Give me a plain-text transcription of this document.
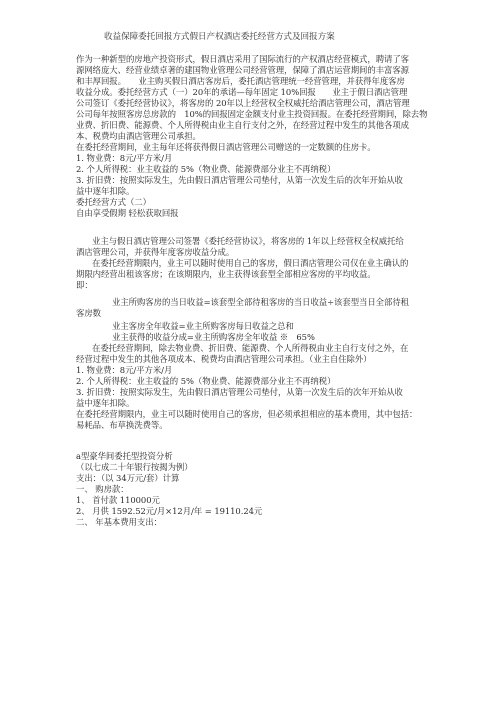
收益保障委托回报方式假日产权酒店委托经营方式及回报方案
作为一种新型的房地产投资形式，假日酒店采用了国际流行的产权酒店经营模式，聘请了客
源网络庞大、经营业绩卓著的建国物业管理公司经营管理，保障了酒店运营期间的丰富客源
和丰厚回报。　　业主购买假日酒店客房后，委托酒店管理统一经营管理，并获得年度客房
收益分成。委托经营方式（一）20年的承诺—每年固定 10%回报　　业主于假日酒店管理
公司签订《委托经营协议》，将客房的 20年以上经营权全权威托给酒店管理公司，酒店管理
公司每年按照客房总房款的　10%的回报固定金额支付业主投资回报。在委托经营期间，除去物
业费、折旧费、能源费、个人所得税由业主自行支付之外，在经营过程中发生的其他各项成
本、税费均由酒店管理公司承担。
在委托经营期间，业主每年还将获得假日酒店管理公司赠送的一定数额的住房卡。
1. 物业费：8元/平方米/月
2. 个人所得税：业主收益的 5%（物业费、能源费部分业主不再纳税）
3. 折旧费：按照实际发生，先由假日酒店管理公司垫付，从第一次发生后的次年开始从收
益中逐年扣除。
委托经营方式（二）
自由享受假期 轻松获取回报
业主与假日酒店管理公司签署《委托经营协议》，将客房的 1年以上经营权全权威托给
酒店管理公司，并获得年度客房收益分成。
在委托经营期限内，业主可以随时使用自己的客房，假日酒店管理公司仅在业主确认的
期限内经营出租该客房；在该期限内，业主获得该套型全部相应客房的平均收益。
即：
业主所购客房的当日收益=该套型全部待租客房的当日收益÷该套型当日全部待租
客房数
业主客房全年收益=业主所购客房每日收益之总和
业主获得的收益分成=业主所购客房全年收益 ※　65%
在委托经营期间，除去物业费、折旧费、能源费、个人所得税由业主自行支付之外，在
经营过程中发生的其他各项成本、税费均由酒店管理公司承担。（业主自住除外）
1. 物业费：8元/平方米/月
2. 个人所得税：业主收益的 5%（物业费、能源费部分业主不再纳税）
3. 折旧费：按照实际发生，先由假日酒店管理公司垫付，从第一次发生后的次年开始从收
益中逐年扣除。
在委托经营期限内，业主可以随时使用自己的客房，但必须承担相应的基本费用，其中包括：
易耗品、布草换洗费等。
a型豪华间委托型投资分析
（以七成二十年银行按揭为例）
支出：（以 34万元/套）计算
一、 购房款：
1、 首付款 110000元
2、 月供 1592.52元/月×12月/年 = 19110.24元
二、 年基本费用支出：
